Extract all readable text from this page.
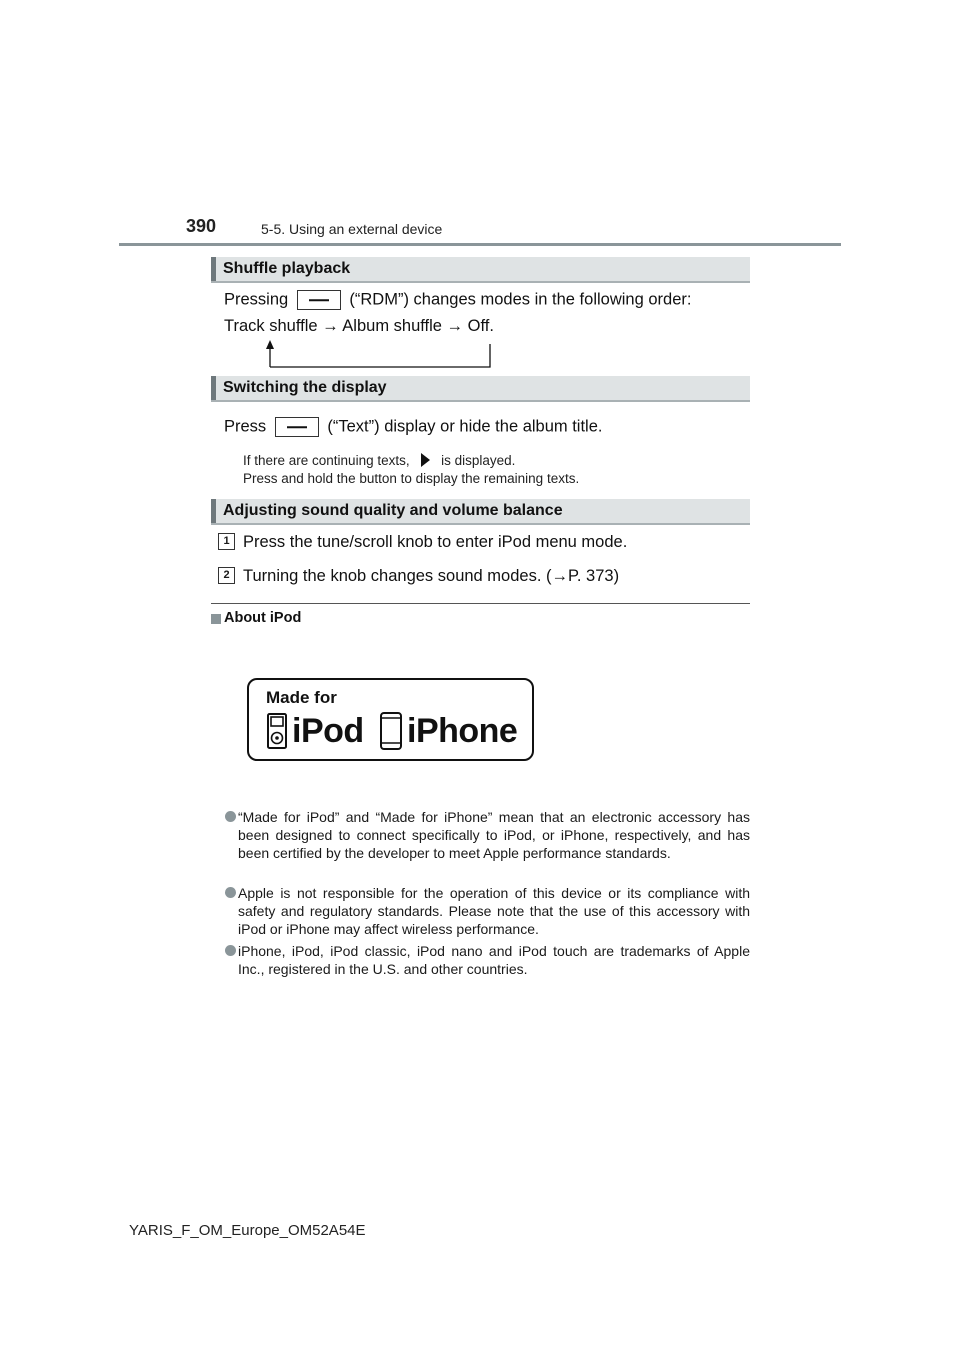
390	5-5. Using an external device
Shuffle playback
Pressing	(“RDM”) changes modes in the following order:
Track shuffle → Album shuffle → Off.
Switching the display
Press	(“Text”) display or hide the album title.
If there are continuing texts, is displayed.
Press and hold the button to display the remaining texts.
Adjusting sound quality and volume balance
1 Press the tune/scroll knob to enter iPod menu mode.
2 Turning the knob changes sound modes. (→P. 373)
About iPod
Made for
iPod iPhone
“Made for iPod” and “Made for iPhone” mean that an electronic accessory has been designed to connect specifically to iPod, or iPhone, respectively, and has been certified by the developer to meet Apple performance standards.
Apple is not responsible for the operation of this device or its compliance with safety and regulatory standards. Please note that the use of this accessory with iPod or iPhone may affect wireless performance.
iPhone, iPod, iPod classic, iPod nano and iPod touch are trademarks of Apple Inc., registered in the U.S. and other countries.
YARIS_F_OM_Europe_OM52A54E
